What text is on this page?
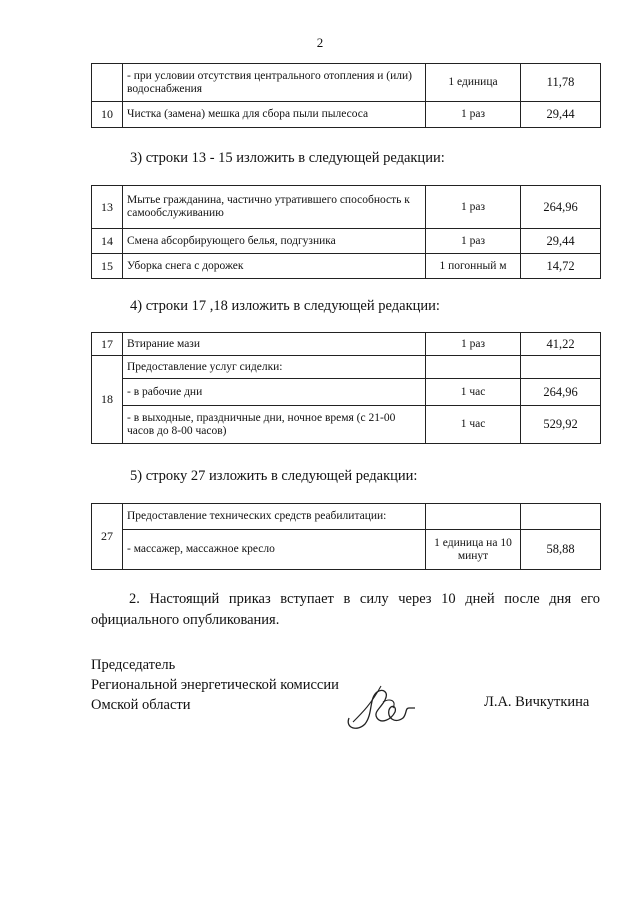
2
	- при условии отсутствия центрального отопления и (или) водоснабжения	1 единица	11,78
10	Чистка (замена) мешка для сбора пыли пылесоса	1 раз	29,44
3) строки 13 - 15 изложить в следующей редакции:
13	Мытье гражданина, частично утратившего способность к самообслуживанию	1 раз	264,96
14	Смена абсорбирующего белья, подгузника	1 раз	29,44
15	Уборка снега с дорожек	1 погонный м	14,72
4) строки 17 ,18 изложить в следующей редакции:
17	Втирание мази	1 раз	41,22
18	Предоставление услуг сиделки:		
	- в рабочие дни	1 час	264,96
	- в выходные, праздничные дни, ночное время (с 21-00 часов до 8-00 часов)	1 час	529,92
5) строку 27 изложить в следующей редакции:
27	Предоставление технических средств реабилитации:		
	- массажер, массажное кресло	1 единица на 10 минут	58,88
2. Настоящий приказ вступает в силу через 10 дней после дня его
официального опубликования.
Председатель
Региональной энергетической комиссии
Омской области	Л.А. Вичкуткина
